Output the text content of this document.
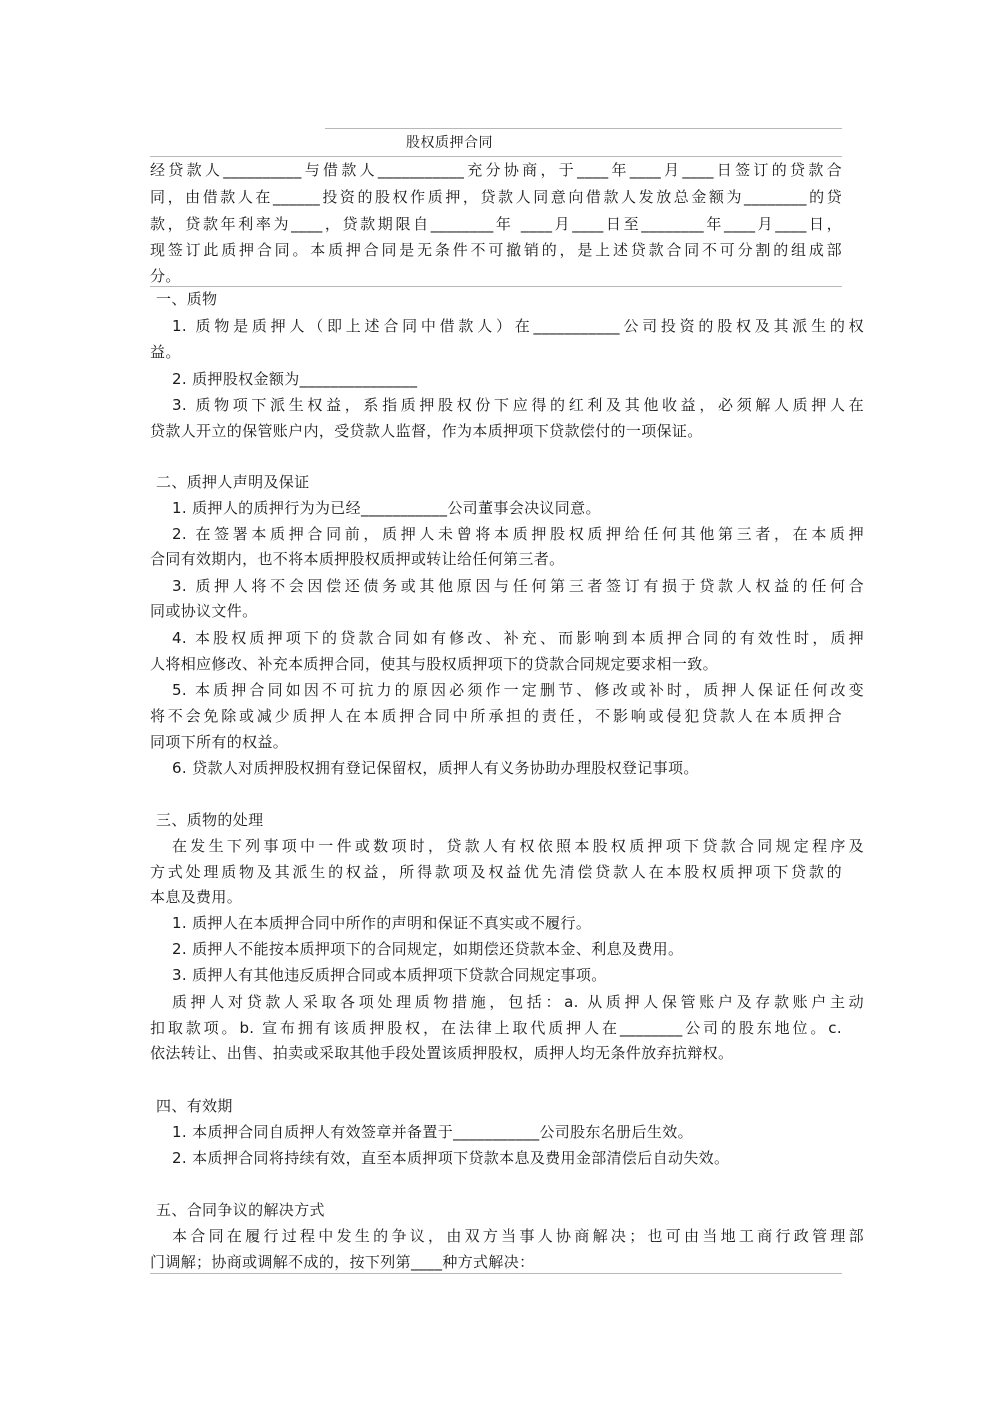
股权质押合同
经贷款人__________与借款人___________充分协商，于____年____月____日签订的贷款合
同，由借款人在______投资的股权作质押，贷款人同意向借款人发放总金额为________的贷
款，贷款年利率为____，贷款期限自________年 ____月____日至________年____月____日，
现签订此质押合同。本质押合同是无条件不可撤销的，是上述贷款合同不可分割的组成部
分。
一、质物
1. 质物是质押人（即上述合同中借款人）在___________公司投资的股权及其派生的权
益。
2. 质押股权金额为_______________
3. 质物项下派生权益，系指质押股权份下应得的红利及其他收益，必须解人质押人在
贷款人开立的保管账户内，受贷款人监督，作为本质押项下贷款偿付的一项保证。
二、质押人声明及保证
1. 质押人的质押行为为已经___________公司董事会决议同意。
2. 在签署本质押合同前，质押人未曾将本质押股权质押给任何其他第三者，在本质押
合同有效期内，也不将本质押股权质押或转让给任何第三者。
3. 质押人将不会因偿还债务或其他原因与任何第三者签订有损于贷款人权益的任何合
同或协议文件。
4. 本股权质押项下的贷款合同如有修改、补充、而影响到本质押合同的有效性时，质押
人将相应修改、补充本质押合同，使其与股权质押项下的贷款合同规定要求相一致。
5. 本质押合同如因不可抗力的原因必须作一定删节、修改或补时，质押人保证任何改变
将不会免除或减少质押人在本质押合同中所承担的责任，不影响或侵犯贷款人在本质押合
同项下所有的权益。
6. 贷款人对质押股权拥有登记保留权，质押人有义务协助办理股权登记事项。
三、质物的处理
在发生下列事项中一件或数项时，贷款人有权依照本股权质押项下贷款合同规定程序及
方式处理质物及其派生的权益，所得款项及权益优先清偿贷款人在本股权质押项下贷款的
本息及费用。
1. 质押人在本质押合同中所作的声明和保证不真实或不履行。
2. 质押人不能按本质押项下的合同规定，如期偿还贷款本金、利息及费用。
3. 质押人有其他违反质押合同或本质押项下贷款合同规定事项。
质押人对贷款人采取各项处理质物措施，包括：a. 从质押人保管账户及存款账户主动
扣取款项。b. 宣布拥有该质押股权，在法律上取代质押人在________公司的股东地位。c.
依法转让、出售、拍卖或采取其他手段处置该质押股权，质押人均无条件放弃抗辩权。
四、有效期
1. 本质押合同自质押人有效签章并备置于___________公司股东名册后生效。
2. 本质押合同将持续有效，直至本质押项下贷款本息及费用金部清偿后自动失效。
五、合同争议的解决方式
本合同在履行过程中发生的争议，由双方当事人协商解决；也可由当地工商行政管理部
门调解；协商或调解不成的，按下列第____种方式解决：
